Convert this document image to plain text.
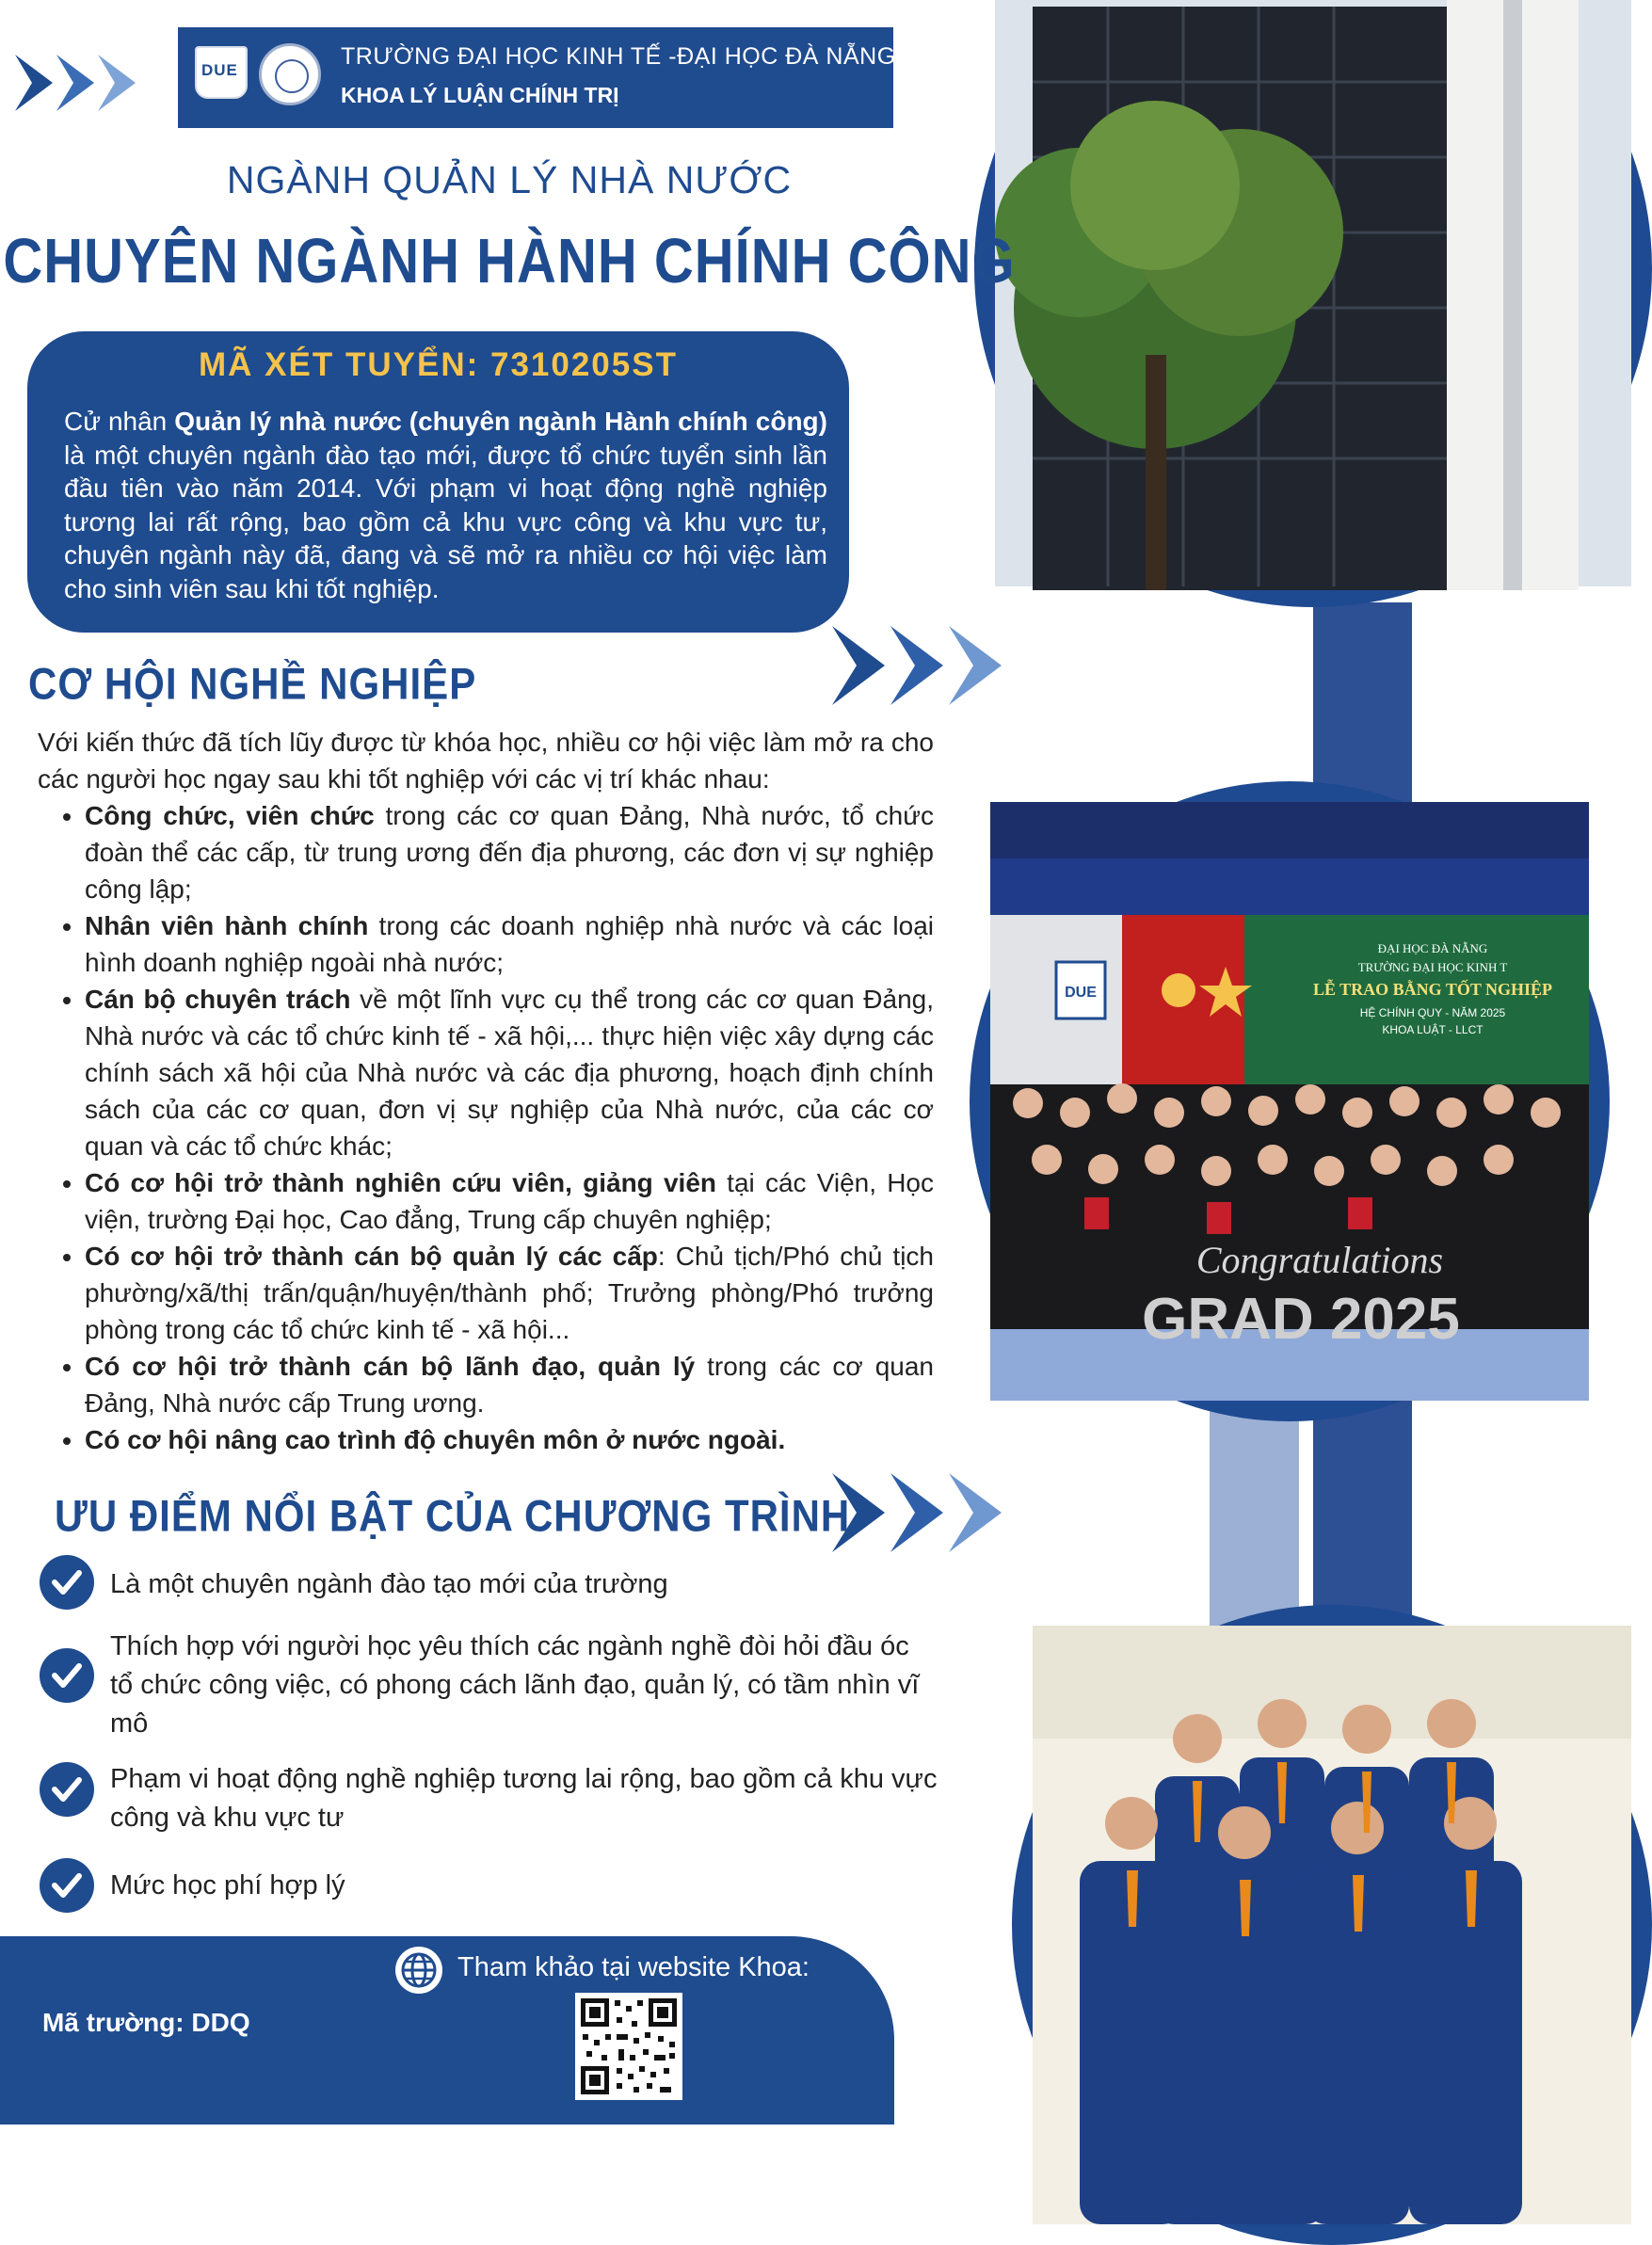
DUE
ĐẠI HỌC ĐÀ NẴNG
TRƯỜNG ĐẠI HỌC KINH T
LỄ TRAO BẰNG TỐT NGHIỆP
HỆ CHÍNH QUY - NĂM 2025
KHOA LUẬT - LLCT
Congratulations
GRAD 2025
DUE
TRƯỜNG ĐẠI HỌC KINH TẾ -ĐẠI HỌC ĐÀ NẴNG
KHOA LÝ LUẬN CHÍNH TRỊ
NGÀNH QUẢN LÝ NHÀ NƯỚC
CHUYÊN NGÀNH HÀNH CHÍNH CÔNG
MÃ XÉT TUYỂN: 7310205ST
Cử nhân Quản lý nhà nước (chuyên ngành Hành chính công) là một chuyên ngành đào tạo mới, được tổ chức tuyển sinh lần đầu tiên vào năm 2014. Với phạm vi hoạt động nghề nghiệp tương lai rất rộng, bao gồm cả khu vực công và khu vực tư, chuyên ngành này đã, đang và sẽ mở ra nhiều cơ hội việc làm cho sinh viên sau khi tốt nghiệp.
CƠ HỘI NGHỀ NGHIỆP
Với kiến thức đã tích lũy được từ khóa học, nhiều cơ hội việc làm mở ra cho các người học ngay sau khi tốt nghiệp với các vị trí khác nhau:
• Công chức, viên chức trong các cơ quan Đảng, Nhà nước, tổ chức đoàn thể các cấp, từ trung ương đến địa phương, các đơn vị sự nghiệp công lập;
• Nhân viên hành chính trong các doanh nghiệp nhà nước và các loại hình doanh nghiệp ngoài nhà nước;
• Cán bộ chuyên trách về một lĩnh vực cụ thể trong các cơ quan Đảng, Nhà nước và các tổ chức kinh tế - xã hội,... thực hiện việc xây dựng các chính sách xã hội của Nhà nước và các địa phương, hoạch định chính sách của các cơ quan, đơn vị sự nghiệp của Nhà nước, của các cơ quan và các tổ chức khác;
• Có cơ hội trở thành nghiên cứu viên, giảng viên tại các Viện, Học viện, trường Đại học, Cao đẳng, Trung cấp chuyên nghiệp;
• Có cơ hội trở thành cán bộ quản lý các cấp: Chủ tịch/Phó chủ tịch phường/xã/thị trấn/quận/huyện/thành phố; Trưởng phòng/Phó trưởng phòng trong các tổ chức kinh tế - xã hội...
• Có cơ hội trở thành cán bộ lãnh đạo, quản lý trong các cơ quan Đảng, Nhà nước cấp Trung ương.
• Có cơ hội nâng cao trình độ chuyên môn ở nước ngoài.
ƯU ĐIỂM NỔI BẬT CỦA CHƯƠNG TRÌNH
Là một chuyên ngành đào tạo mới của trường
Thích hợp với người học yêu thích các ngành nghề đòi hỏi đầu óc tổ chức công việc, có phong cách lãnh đạo, quản lý, có tầm nhìn vĩ mô
Phạm vi hoạt động nghề nghiệp tương lai rộng, bao gồm cả khu vực công và khu vực tư
Mức học phí hợp lý
Mã trường: DDQ
Tham khảo tại website Khoa:
